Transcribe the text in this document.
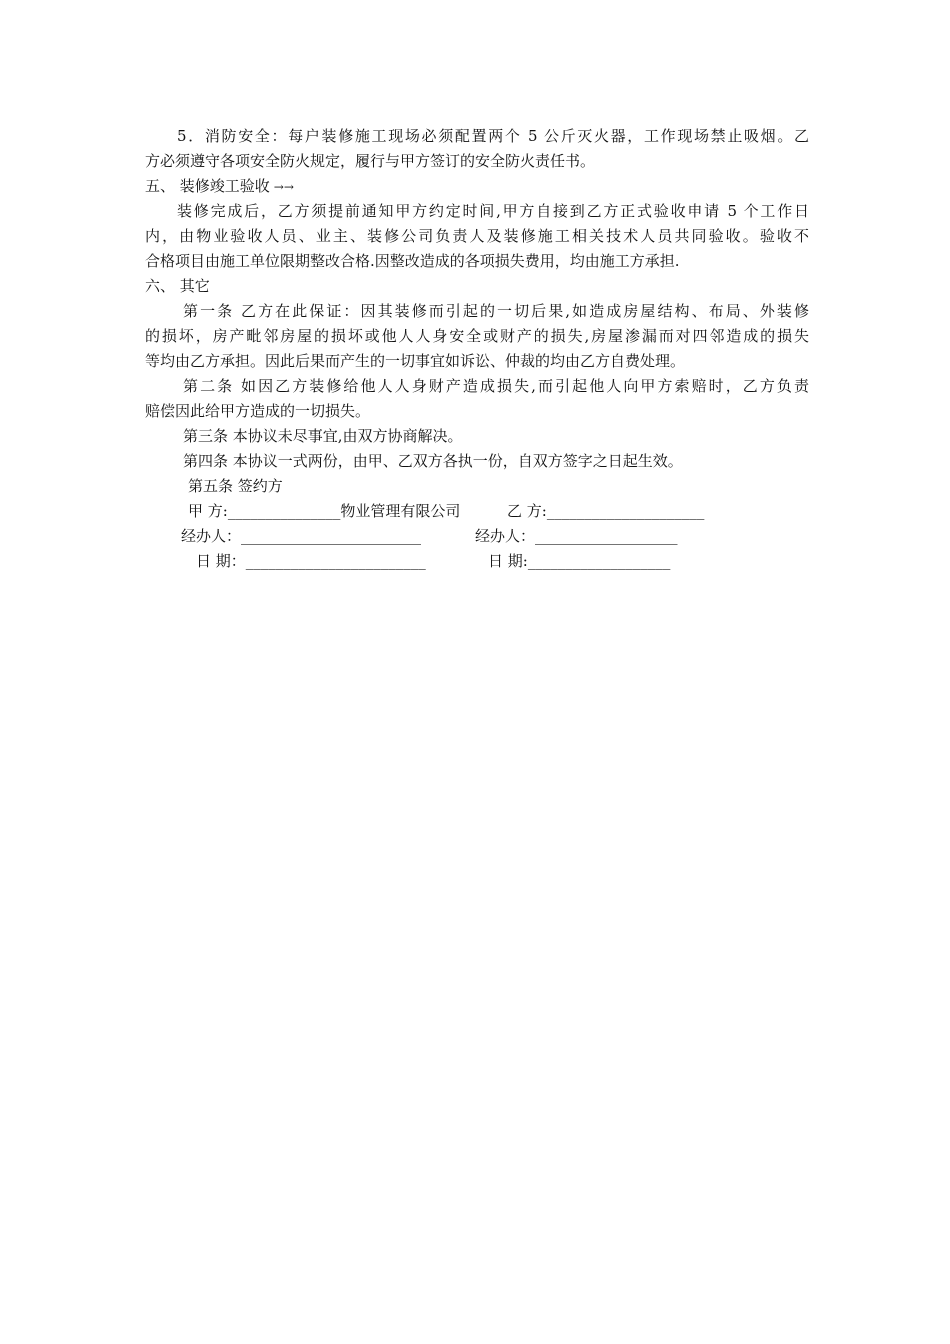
5．消防安全：每户装修施工现场必须配置两个 5 公斤灭火器，工作现场禁止吸烟。乙
方必须遵守各项安全防火规定，履行与甲方签订的安全防火责任书。
五、 装修竣工验收 →→
装修完成后，乙方须提前通知甲方约定时间,甲方自接到乙方正式验收申请 5 个工作日
内，由物业验收人员、业主、装修公司负责人及装修施工相关技术人员共同验收。验收不
合格项目由施工单位限期整改合格.因整改造成的各项损失费用，均由施工方承担.
六、 其它
第一条 乙方在此保证：因其装修而引起的一切后果,如造成房屋结构、布局、外装修
的损坏，房产毗邻房屋的损坏或他人人身安全或财产的损失,房屋渗漏而对四邻造成的损失
等均由乙方承担。因此后果而产生的一切事宜如诉讼、仲裁的均由乙方自费处理。
第二条 如因乙方装修给他人人身财产造成损失,而引起他人向甲方索赔时，乙方负责
赔偿因此给甲方造成的一切损失。
第三条 本协议未尽事宜,由双方协商解决。
第四条 本协议一式两份，由甲、乙双方各执一份，自双方签字之日起生效。
第五条 签约方
甲 方:_______________物业管理有限公司	乙 方:_____________________
经办人：________________________	经办人：___________________
日 期：________________________	日 期:___________________
